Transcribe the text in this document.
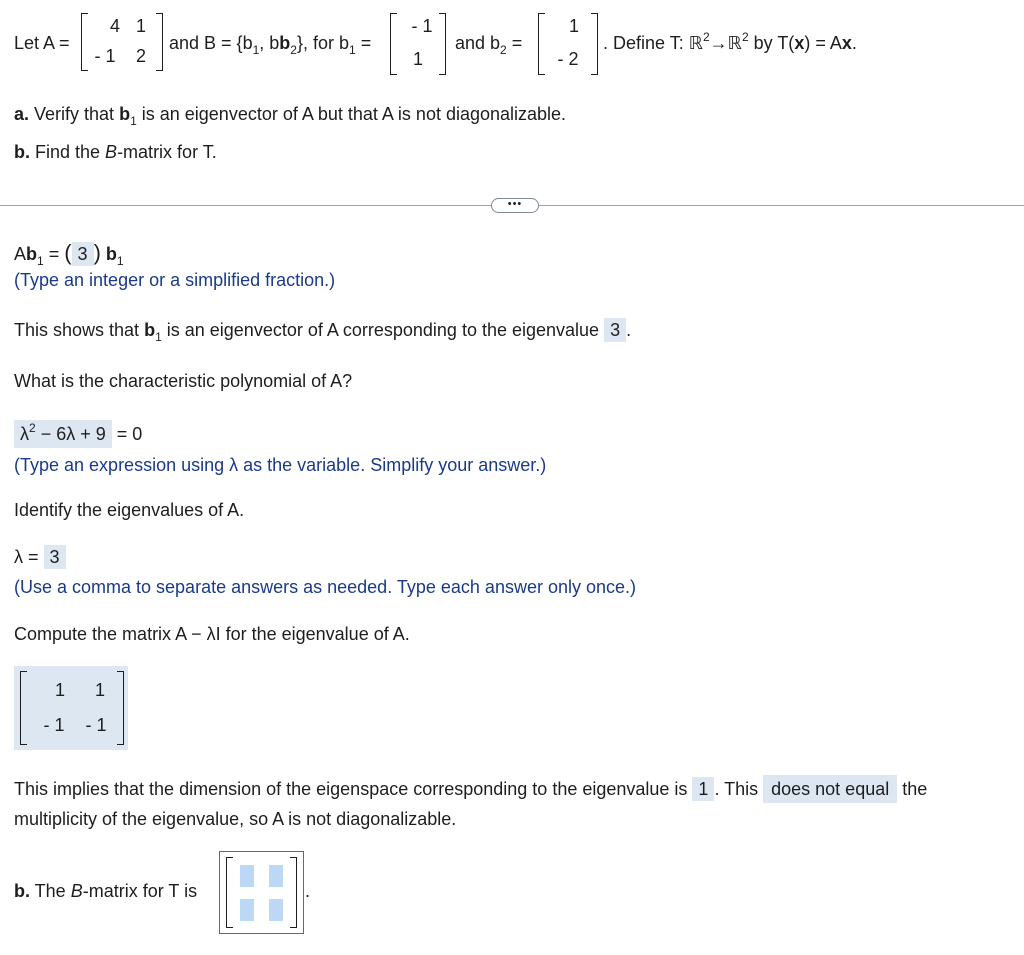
Let A =
4 1
- 1	2
and $B = \{b_1$, $bb_2$}, for $b_1$ =
- 1
1
and $b_2$ =
1
- 2
. Define T: ℝ$^2$→ℝ$^2$ by T(x) = Ax.
a. Verify that $b_1$ is an eigenvector of A but that A is not diagonalizable.
b. Find the B-matrix for T.
•••
$Ab_1$ = ( 3 ) $b_1$
(Type an integer or a simplified fraction.)
This shows that $b_1$ is an eigenvector of A corresponding to the eigenvalue 3 .
What is the characteristic polynomial of A?
$\lambda^2 - 6\lambda + 9 = 0$
(Type an expression using λ as the variable. Simplify your answer.)
Identify the eigenvalues of A.
λ = 3
(Use a comma to separate answers as needed. Type each answer only once.)
Compute the matrix A − λI for the eigenvalue of A.
1	1
- 1 - 1
This implies that the dimension of the eigenspace corresponding to the eigenvalue is 1 . This does not equal the
multiplicity of the eigenvalue, so A is not diagonalizable.
b. The B-matrix for T is	.
